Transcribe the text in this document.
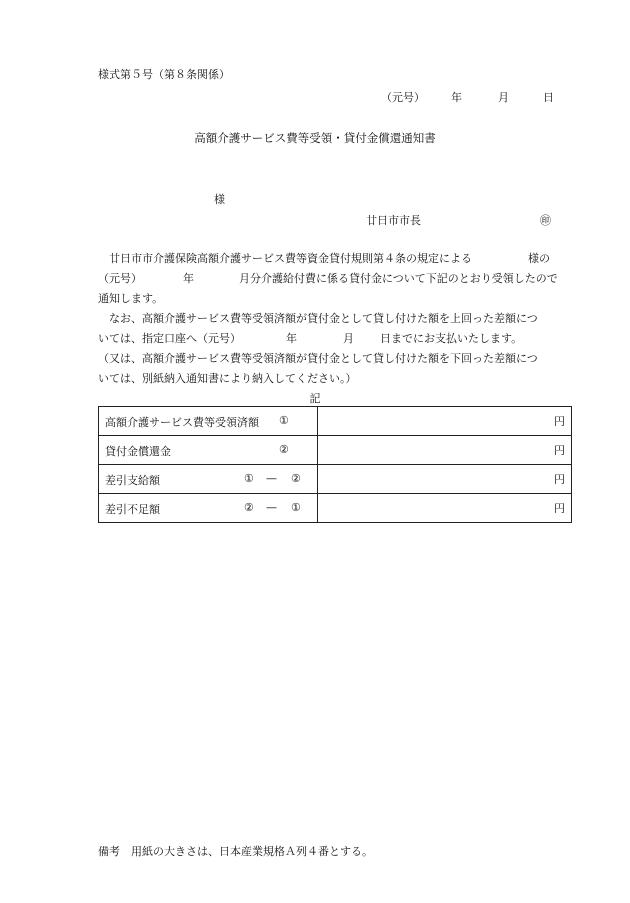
様式第５号（第８条関係）
（元号） 年	月	日
高額介護サービス費等受領・貸付金償還通知書
様
廿日市市長	㊞
廿日市市介護保険高額介護サービス費等資金貸付規則第４条の規定による	様の
（元号）	年	月分介護給付費に係る貸付金について下記のとおり受領したので
通知します。
なお、高額介護サービス費等受領済額が貸付金として貸し付けた額を上回った差額につ
いては、指定口座へ（元号）	年	月 日までにお支払いたします。
（又は、高額介護サービス費等受領済額が貸付金として貸し付けた額を下回った差額につ
いては、別紙納入通知書により納入してください。）
記
高額介護サービス費等受領済額 ①	円

貸付金償還金 ②	円

差引支給額 ① — ②	円

差引不足額 ② — ①	円
備考　用紙の大きさは、日本産業規格Ａ列４番とする。
